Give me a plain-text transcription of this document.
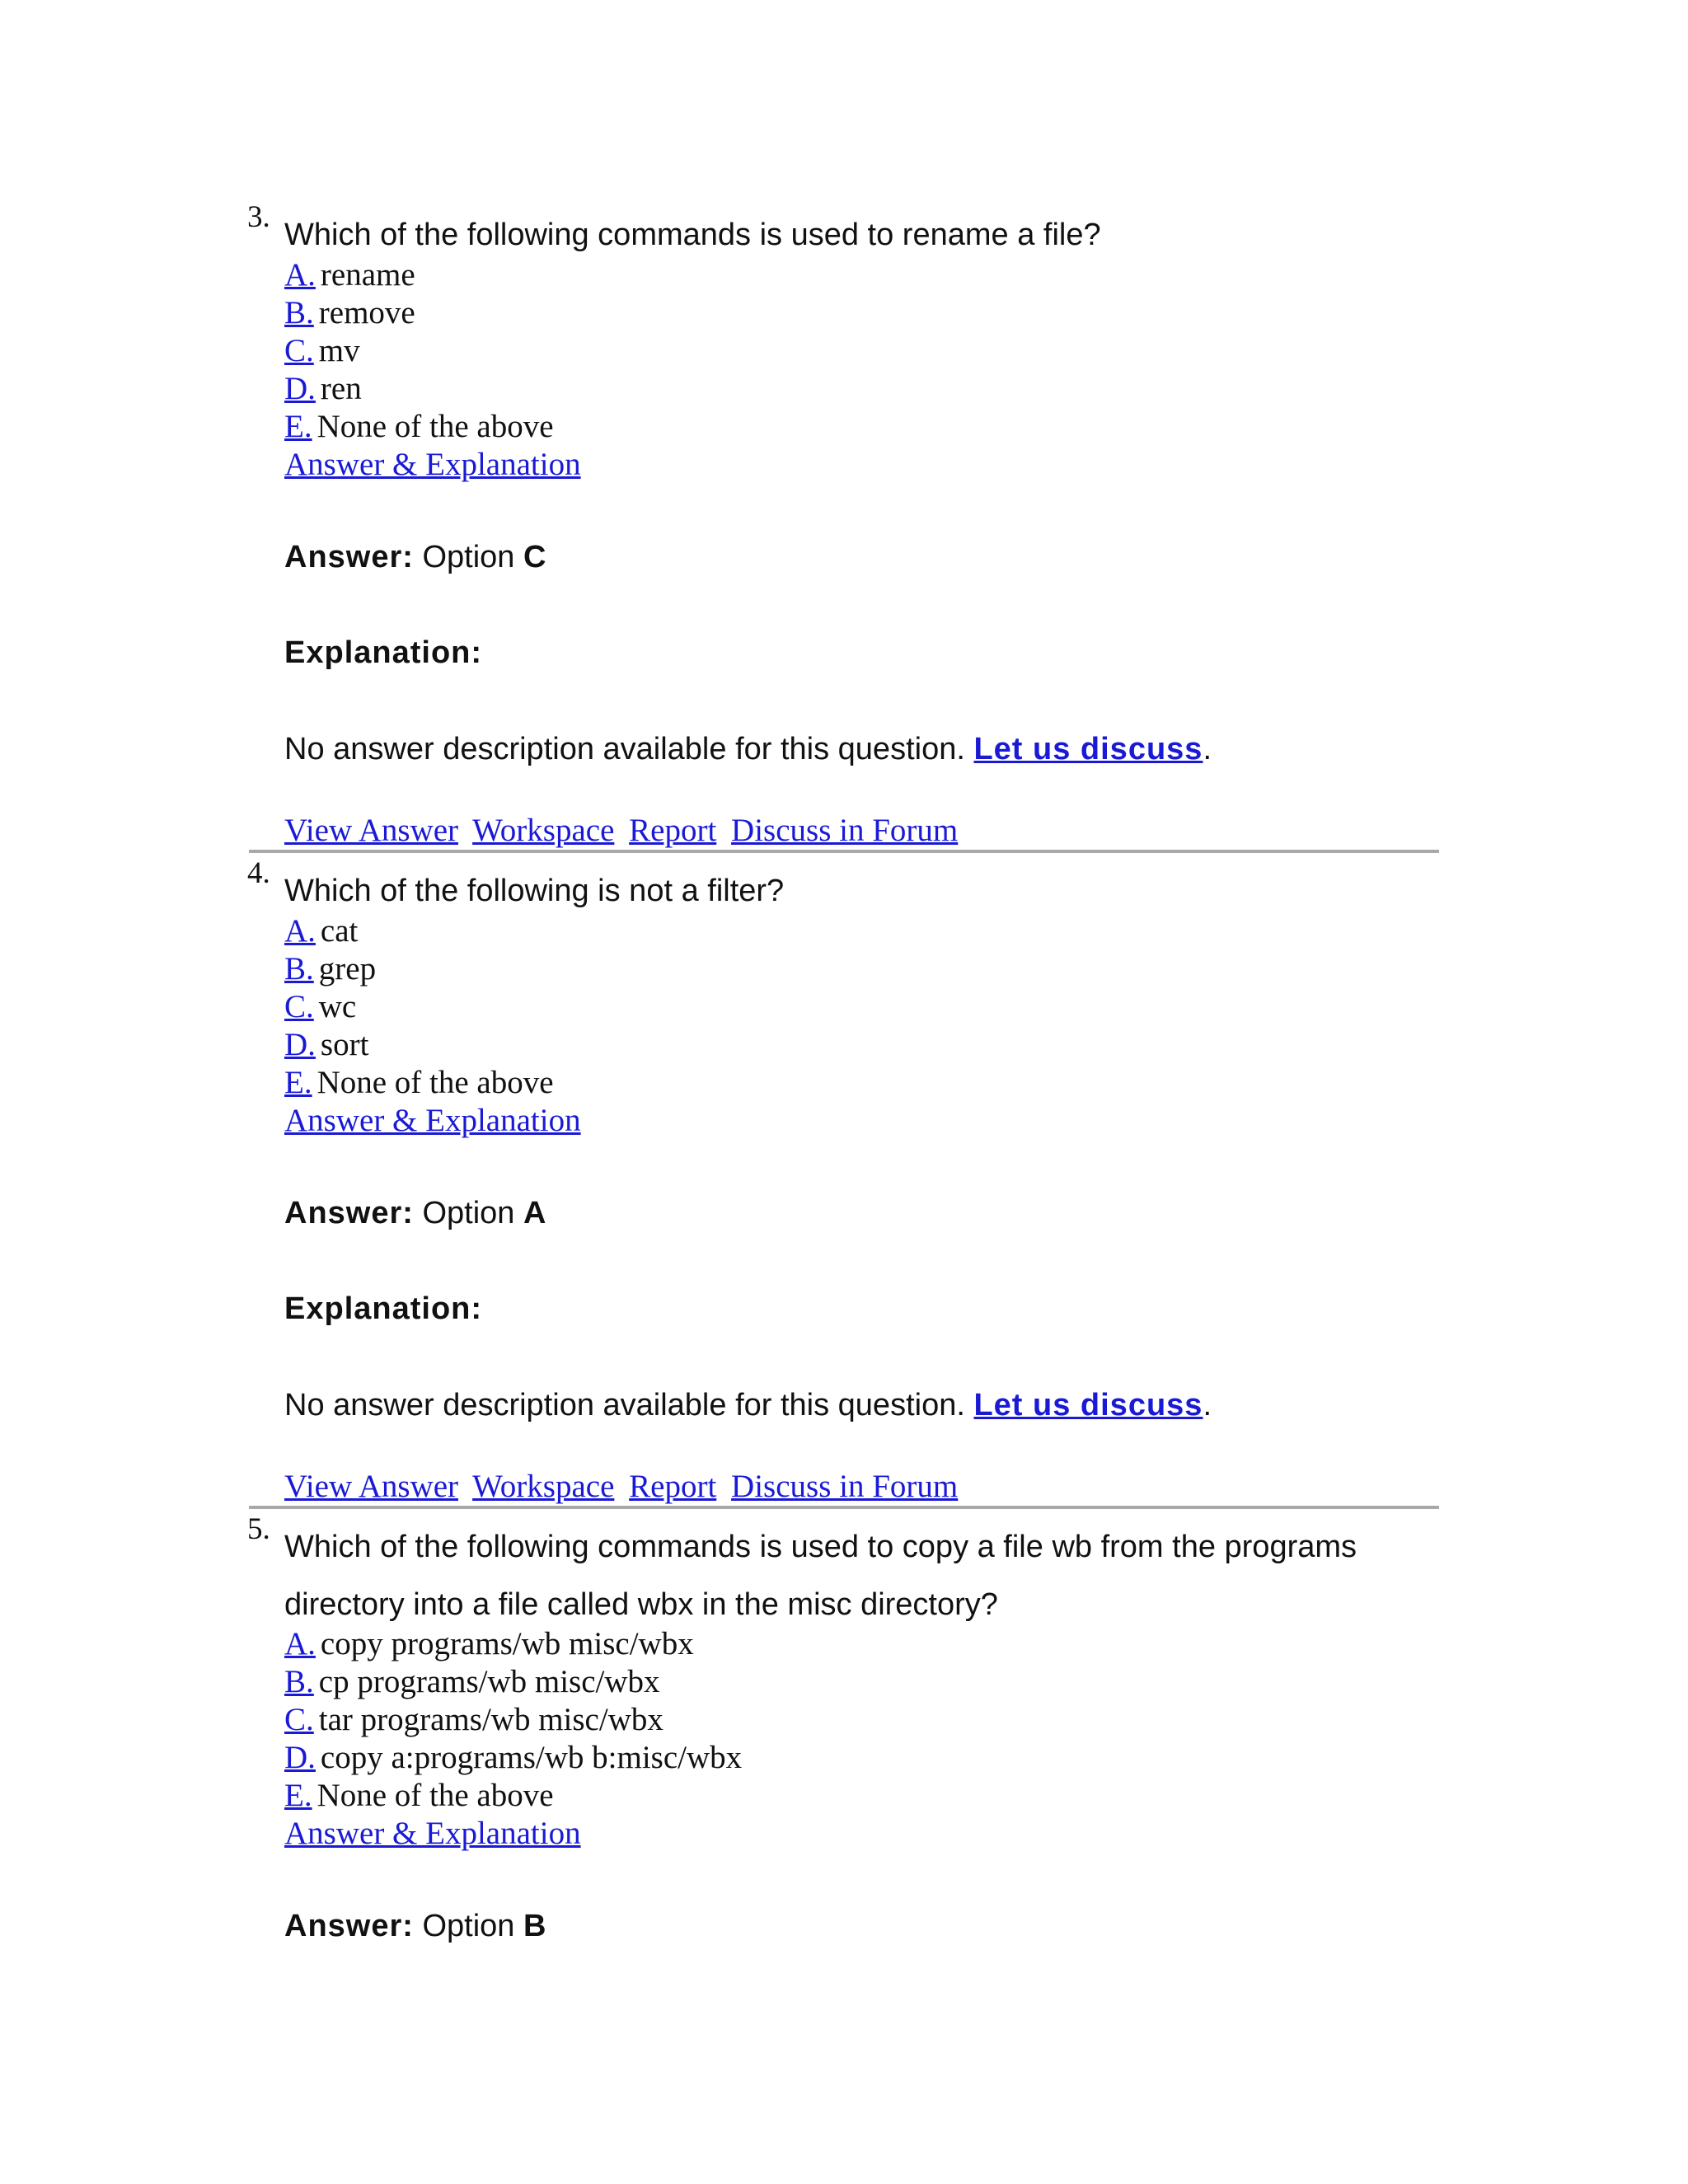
3.
Which of the following commands is used to rename a file?
A. rename
B. remove
C. mv
D. ren
E. None of the above
Answer & Explanation
Answer: Option C
Explanation:
No answer description available for this question. Let us discuss.
View Answer Workspace Report Discuss in Forum
4.
Which of the following is not a filter?
A. cat
B. grep
C. wc
D. sort
E. None of the above
Answer & Explanation
Answer: Option A
Explanation:
No answer description available for this question. Let us discuss.
View Answer Workspace Report Discuss in Forum
5.
Which of the following commands is used to copy a file wb from the programs
directory into a file called wbx in the misc directory?
A. copy programs/wb misc/wbx
B. cp programs/wb misc/wbx
C. tar programs/wb misc/wbx
D. copy a:programs/wb b:misc/wbx
E. None of the above
Answer & Explanation
Answer: Option B
